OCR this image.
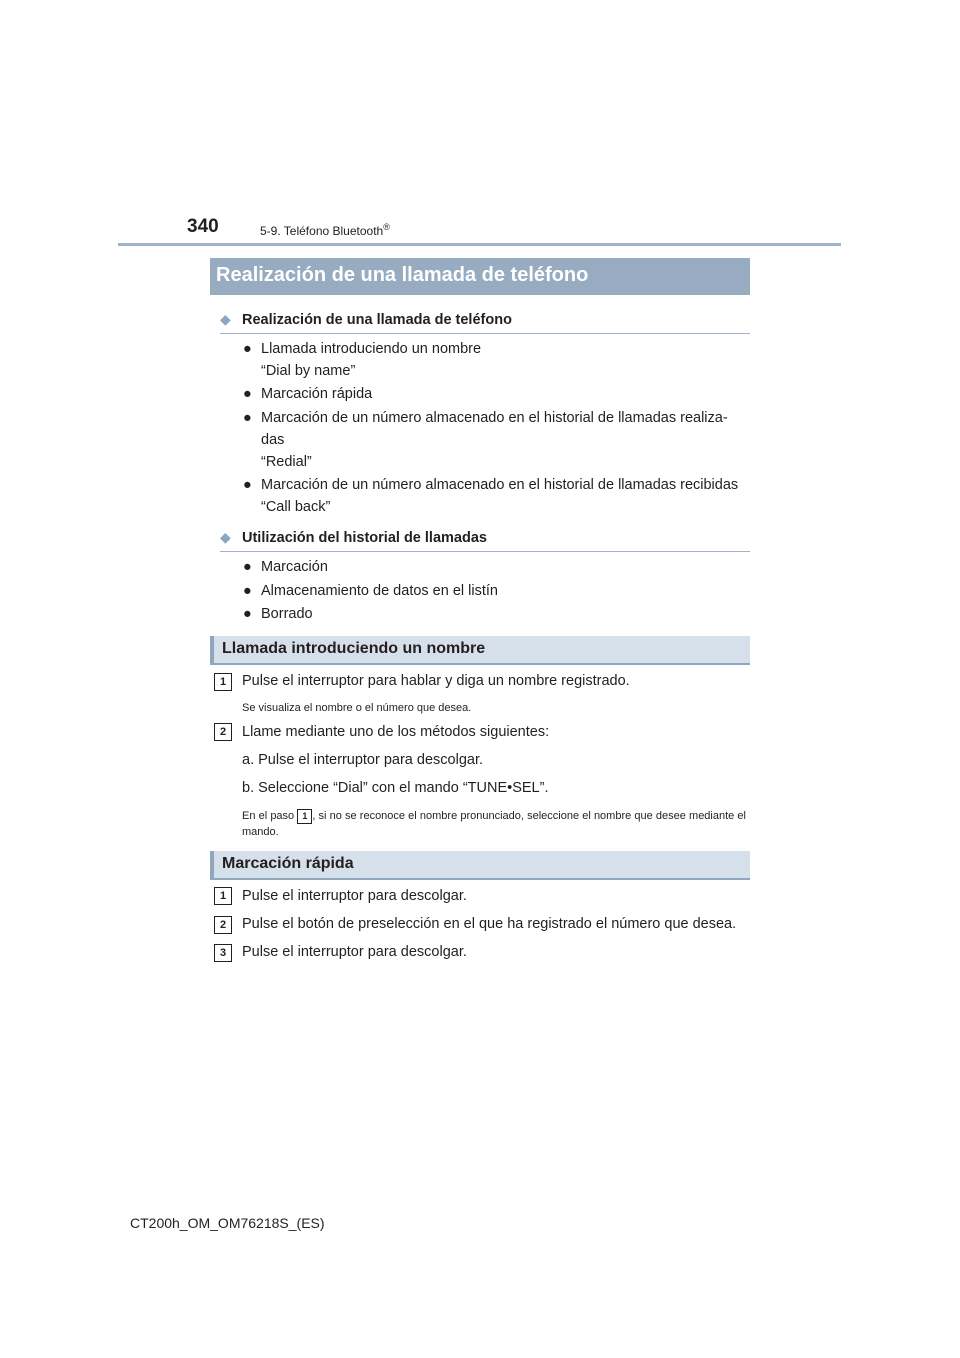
340	5-9. Teléfono Bluetooth®
Realización de una llamada de teléfono
◆ Realización de una llamada de teléfono
● Llamada introduciendo un nombre
“Dial by name”
● Marcación rápida
● Marcación de un número almacenado en el historial de llamadas realiza-
das
“Redial”
● Marcación de un número almacenado en el historial de llamadas recibidas
“Call back”
◆ Utilización del historial de llamadas
● Marcación
● Almacenamiento de datos en el listín
● Borrado
Llamada introduciendo un nombre
1	Pulse el interruptor para hablar y diga un nombre registrado.
Se visualiza el nombre o el número que desea.
2	Llame mediante uno de los métodos siguientes:
a. Pulse el interruptor para descolgar.
b. Seleccione “Dial” con el mando “TUNE•SEL”.
En el paso 1 , si no se reconoce el nombre pronunciado, seleccione el nombre que desee mediante el mando.
Marcación rápida
1	Pulse el interruptor para descolgar.
2	Pulse el botón de preselección en el que ha registrado el número que desea.
3	Pulse el interruptor para descolgar.
CT200h_OM_OM76218S_(ES)
